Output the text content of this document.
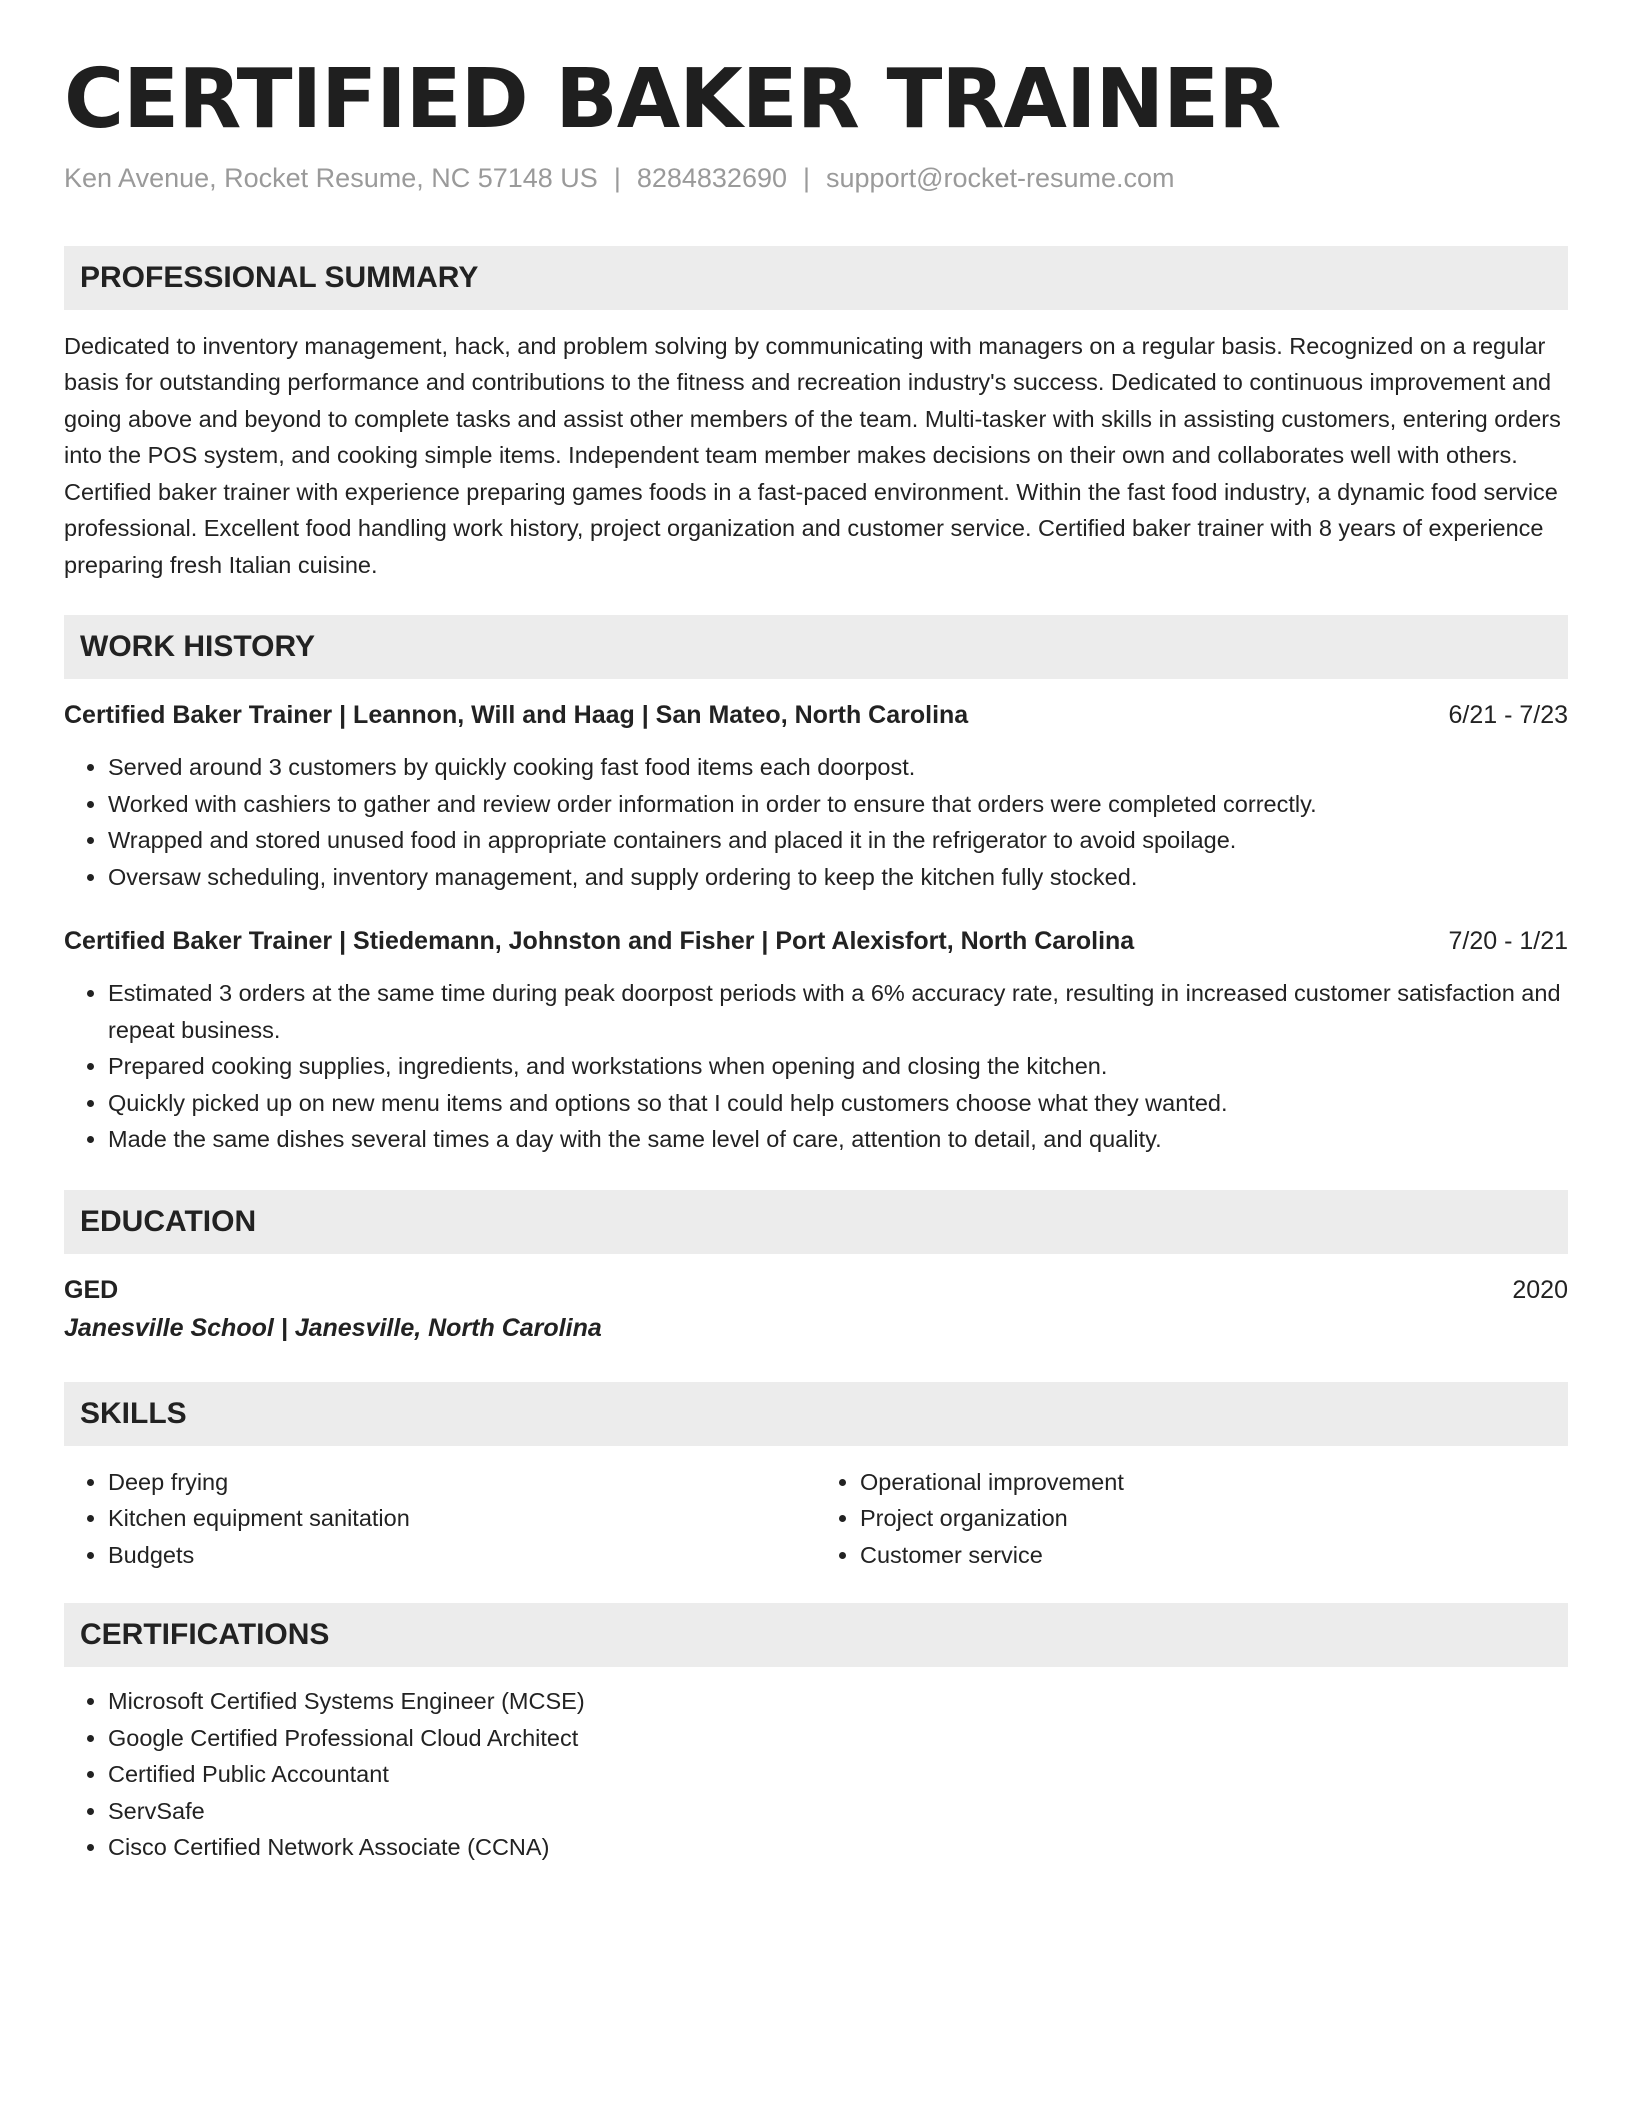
CERTIFIED BAKER TRAINER
Ken Avenue, Rocket Resume, NC 57148 US | 8284832690 | support@rocket-resume.com
PROFESSIONAL SUMMARY

Dedicated to inventory management, hack, and problem solving by communicating with managers on a regular basis. Recognized on a regular basis for outstanding performance and contributions to the fitness and recreation industry's success. Dedicated to continuous improvement and going above and beyond to complete tasks and assist other members of the team. Multi-tasker with skills in assisting customers, entering orders into the POS system, and cooking simple items. Independent team member makes decisions on their own and collaborates well with others. Certified baker trainer with experience preparing games foods in a fast-paced environment. Within the fast food industry, a dynamic food service professional. Excellent food handling work history, project organization and customer service. Certified baker trainer with 8 years of experience preparing fresh Italian cuisine.

WORK HISTORY
Certified Baker Trainer | Leannon, Will and Haag | San Mateo, North Carolina	6/21 - 7/23
• Served around 3 customers by quickly cooking fast food items each doorpost.
• Worked with cashiers to gather and review order information in order to ensure that orders were completed correctly.
• Wrapped and stored unused food in appropriate containers and placed it in the refrigerator to avoid spoilage.
• Oversaw scheduling, inventory management, and supply ordering to keep the kitchen fully stocked.
Certified Baker Trainer | Stiedemann, Johnston and Fisher | Port Alexisfort, North Carolina	7/20 - 1/21
• Estimated 3 orders at the same time during peak doorpost periods with a 6% accuracy rate, resulting in increased customer satisfaction and repeat business.
• Prepared cooking supplies, ingredients, and workstations when opening and closing the kitchen.
• Quickly picked up on new menu items and options so that I could help customers choose what they wanted.
• Made the same dishes several times a day with the same level of care, attention to detail, and quality.
EDUCATION
GED	2020
Janesville School | Janesville, North Carolina
SKILLS
• Deep frying
• Kitchen equipment sanitation
• Budgets
• Operational improvement
• Project organization
• Customer service
CERTIFICATIONS
• Microsoft Certified Systems Engineer (MCSE)
• Google Certified Professional Cloud Architect
• Certified Public Accountant
• ServSafe
• Cisco Certified Network Associate (CCNA)
